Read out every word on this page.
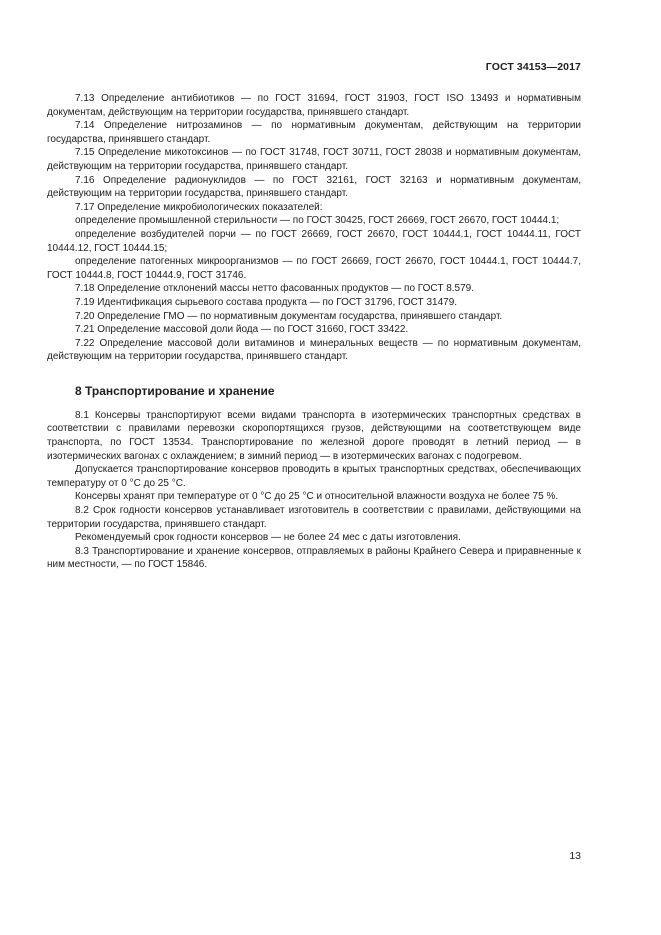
ГОСТ 34153—2017

7.13 Определение антибиотиков — по ГОСТ 31694, ГОСТ 31903, ГОСТ ISO 13493 и нормативным документам, действующим на территории государства, принявшего стандарт.

7.14 Определение нитрозаминов — по нормативным документам, действующим на территории государства, принявшего стандарт.

7.15 Определение микотоксинов — по ГОСТ 31748, ГОСТ 30711, ГОСТ 28038 и нормативным документам, действующим на территории государства, принявшего стандарт.

7.16 Определение радионуклидов — по ГОСТ 32161, ГОСТ 32163 и нормативным документам, действующим на территории государства, принявшего стандарт.

7.17 Определение микробиологических показателей:

определение промышленной стерильности — по ГОСТ 30425, ГОСТ 26669, ГОСТ 26670, ГОСТ 10444.1;

определение возбудителей порчи — по ГОСТ 26669, ГОСТ 26670, ГОСТ 10444.1, ГОСТ 10444.11, ГОСТ 10444.12, ГОСТ 10444.15;

определение патогенных микроорганизмов — по ГОСТ 26669, ГОСТ 26670, ГОСТ 10444.1, ГОСТ 10444.7, ГОСТ 10444.8, ГОСТ 10444.9, ГОСТ 31746.

7.18 Определение отклонений массы нетто фасованных продуктов — по ГОСТ 8.579.

7.19 Идентификация сырьевого состава продукта — по ГОСТ 31796, ГОСТ 31479.

7.20 Определение ГМО — по нормативным документам государства, принявшего стандарт.

7.21 Определение массовой доли йода — по ГОСТ 31660, ГОСТ 33422.

7.22 Определение массовой доли витаминов и минеральных веществ — по нормативным документам, действующим на территории государства, принявшего стандарт.

8 Транспортирование и хранение

8.1 Консервы транспортируют всеми видами транспорта в изотермических транспортных средствах в соответствии с правилами перевозки скоропортящихся грузов, действующими на соответствующем виде транспорта, по ГОСТ 13534. Транспортирование по железной дороге проводят в летний период — в изотермических вагонах с охлаждением; в зимний период — в изотермических вагонах с подогревом.

Допускается транспортирование консервов проводить в крытых транспортных средствах, обеспечивающих температуру от 0 °С до 25 °С.

Консервы хранят при температуре от 0 °С до 25 °С и относительной влажности воздуха не более 75 %.

8.2 Срок годности консервов устанавливает изготовитель в соответствии с правилами, действующими на территории государства, принявшего стандарт.

Рекомендуемый срок годности консервов — не более 24 мес с даты изготовления.

8.3 Транспортирование и хранение консервов, отправляемых в районы Крайнего Севера и приравненные к ним местности, — по ГОСТ 15846.

13
